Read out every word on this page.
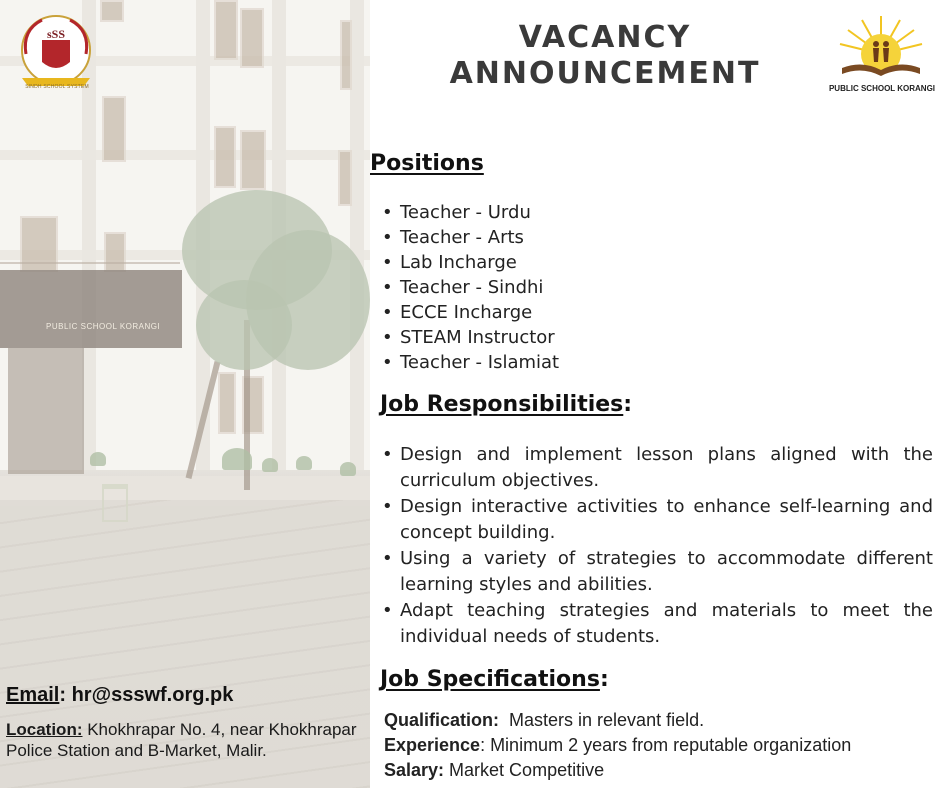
PUBLIC SCHOOL KORANGI
sSS
SINDH SCHOOL SYSTEM
Email: hr@ssswf.org.pk
Location: Khokhrapar No. 4, near Khokhrapar Police Station and B-Market, Malir.
VACANCY
ANNOUNCEMENT	PUBLIC SCHOOL KORANGI
Positions
• Teacher - Urdu
• Teacher - Arts
• Lab Incharge
• Teacher - Sindhi
• ECCE Incharge
• STEAM Instructor
• Teacher - Islamiat
Job Responsibilities:
• Design and implement lesson plans aligned with the curriculum objectives.
• Design interactive activities to enhance self-learning and concept building.
• Using a variety of strategies to accommodate different learning styles and abilities.
• Adapt teaching strategies and materials to meet the individual needs of students.
Job Specifications:
Qualification:  Masters in relevant field.
Experience: Minimum 2 years from reputable organization
Salary: Market Competitive
